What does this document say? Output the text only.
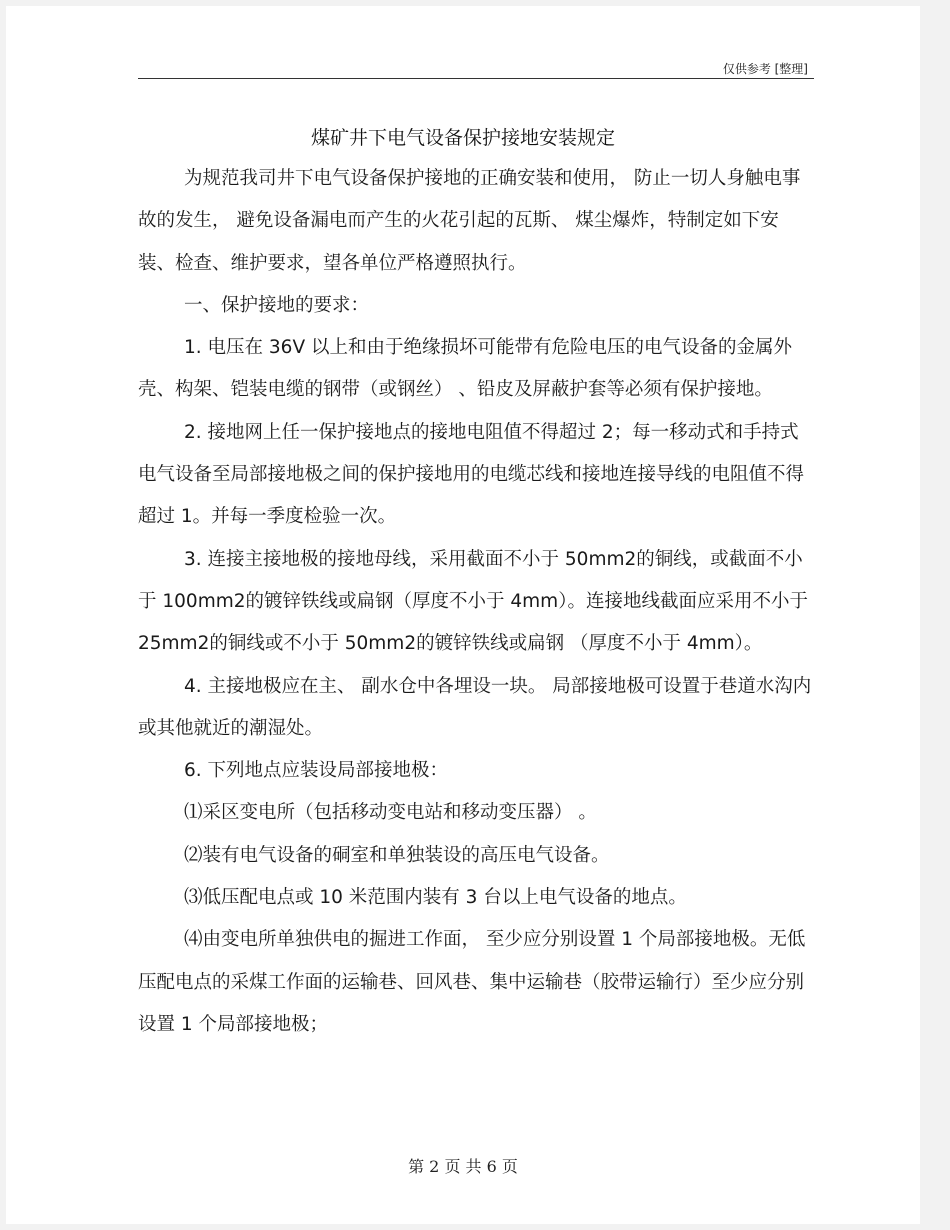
仅供参考 [整理]
煤矿井下电气设备保护接地安装规定

为规范我司井下电气设备保护接地的正确安装和使用， 防止一切人身触电事故的发生， 避免设备漏电而产生的火花引起的瓦斯、 煤尘爆炸，特制定如下安装、检查、维护要求，望各单位严格遵照执行。

一、保护接地的要求：

1. 电压在 36V 以上和由于绝缘损坏可能带有危险电压的电气设备的金属外壳、构架、铠装电缆的钢带（或钢丝） 、铅皮及屏蔽护套等必须有保护接地。

2. 接地网上任一保护接地点的接地电阻值不得超过 2；每一移动式和手持式电气设备至局部接地极之间的保护接地用的电缆芯线和接地连接导线的电阻值不得超过 1。并每一季度检验一次。

3. 连接主接地极的接地母线，采用截面不小于 50mm2的铜线，或截面不小于 100mm2的镀锌铁线或扁钢（厚度不小于 4mm）。连接地线截面应采用不小于 25mm2的铜线或不小于 50mm2的镀锌铁线或扁钢 （厚度不小于 4mm）。

4. 主接地极应在主、 副水仓中各埋设一块。 局部接地极可设置于巷道水沟内或其他就近的潮湿处。

6. 下列地点应装设局部接地极：

⑴采区变电所（包括移动变电站和移动变压器） 。

⑵装有电气设备的硐室和单独装设的高压电气设备。

⑶低压配电点或 10 米范围内装有 3 台以上电气设备的地点。

⑷由变电所单独供电的掘进工作面， 至少应分别设置 1 个局部接地极。无低压配电点的采煤工作面的运输巷、回风巷、集中运输巷（胶带运输行）至少应分别设置 1 个局部接地极；

第 2 页 共 6 页
